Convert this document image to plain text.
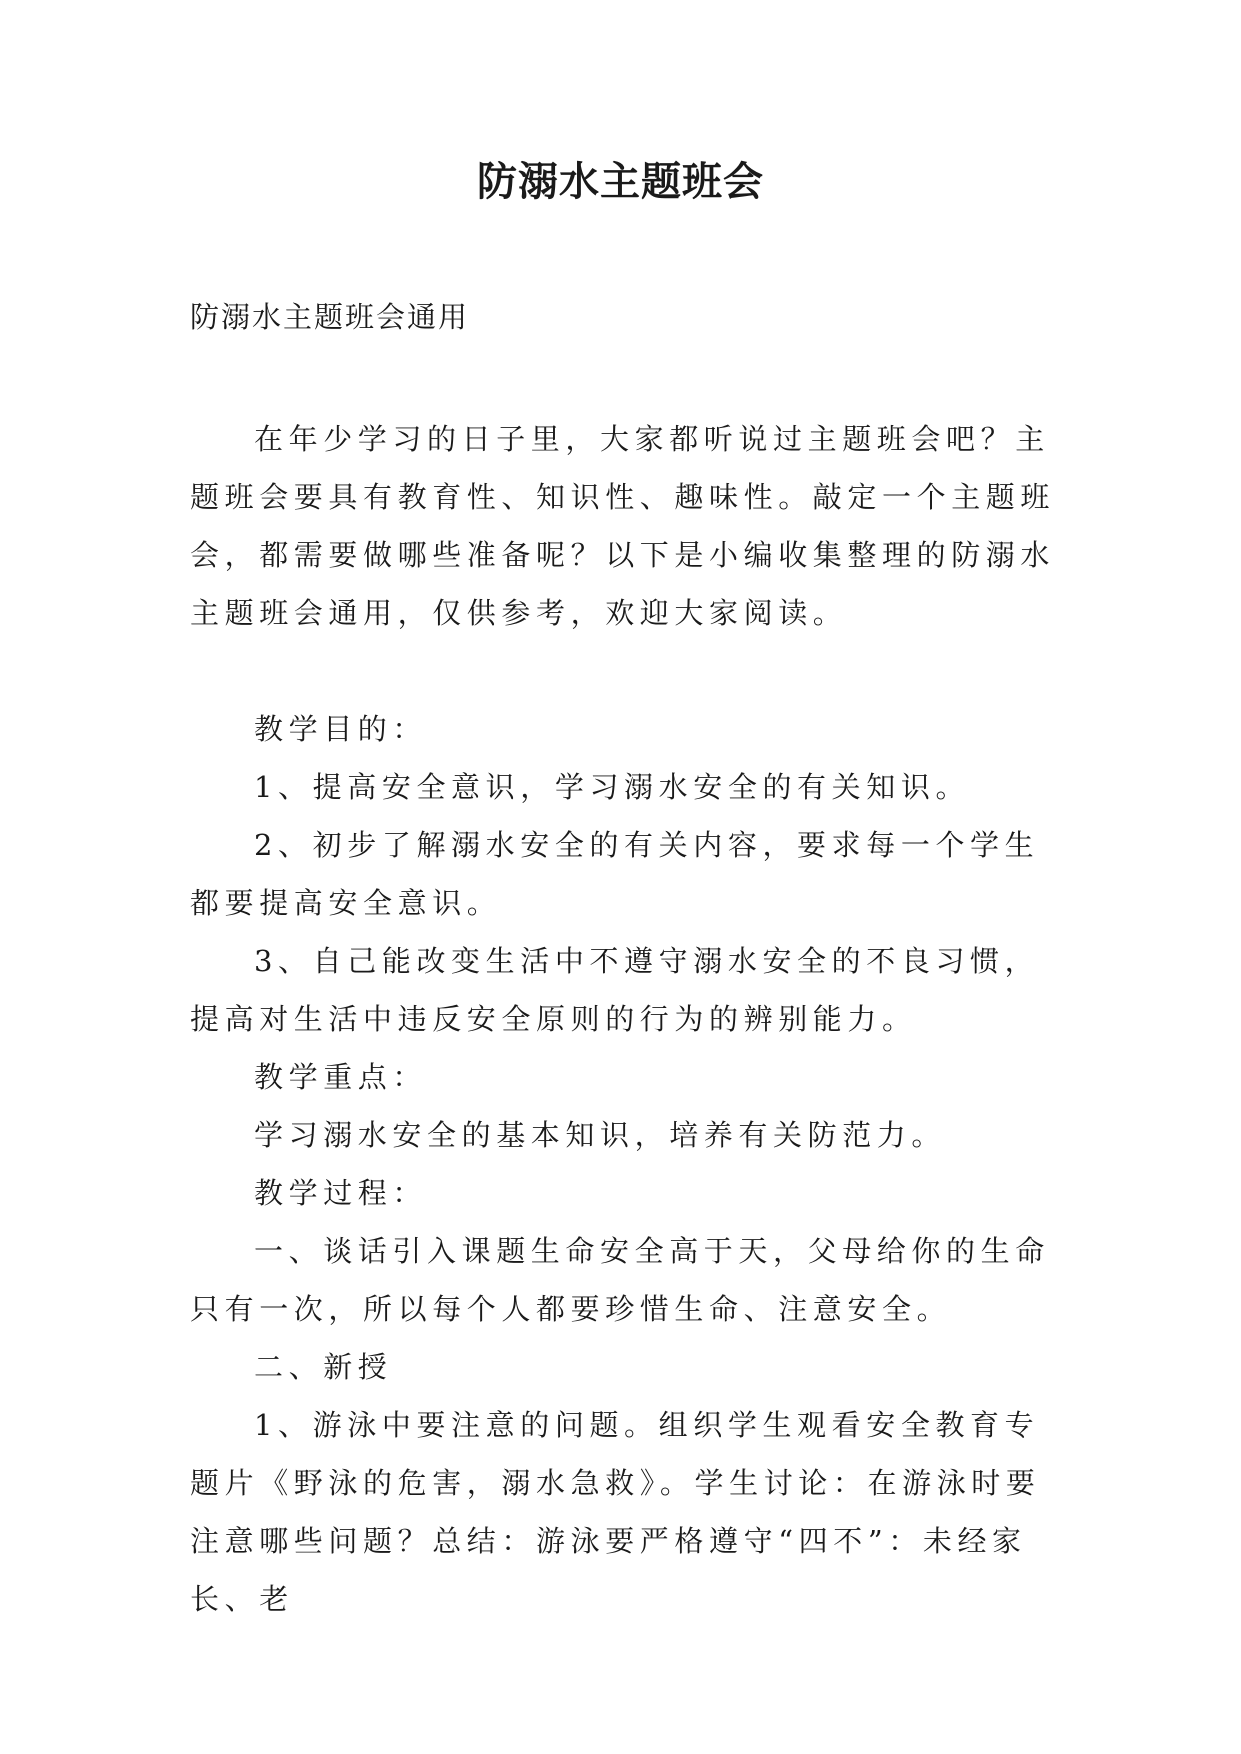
防溺水主题班会
防溺水主题班会通用

在年少学习的日子里，大家都听说过主题班会吧？主题班会要具有教育性、知识性、趣味性。敲定一个主题班会，都需要做哪些准备呢？以下是小编收集整理的防溺水主题班会通用，仅供参考，欢迎大家阅读。

教学目的：

1、提高安全意识，学习溺水安全的有关知识。

2、初步了解溺水安全的有关内容，要求每一个学生都要提高安全意识。

3、自己能改变生活中不遵守溺水安全的不良习惯，提高对生活中违反安全原则的行为的辨别能力。

教学重点：

学习溺水安全的基本知识，培养有关防范力。

教学过程：

一、谈话引入课题生命安全高于天，父母给你的生命只有一次，所以每个人都要珍惜生命、注意安全。

二、新授

1、游泳中要注意的问题。组织学生观看安全教育专题片《野泳的危害，溺水急救》。学生讨论：在游泳时要注意哪些问题？总结：游泳要严格遵守“四不”：未经家长、老
